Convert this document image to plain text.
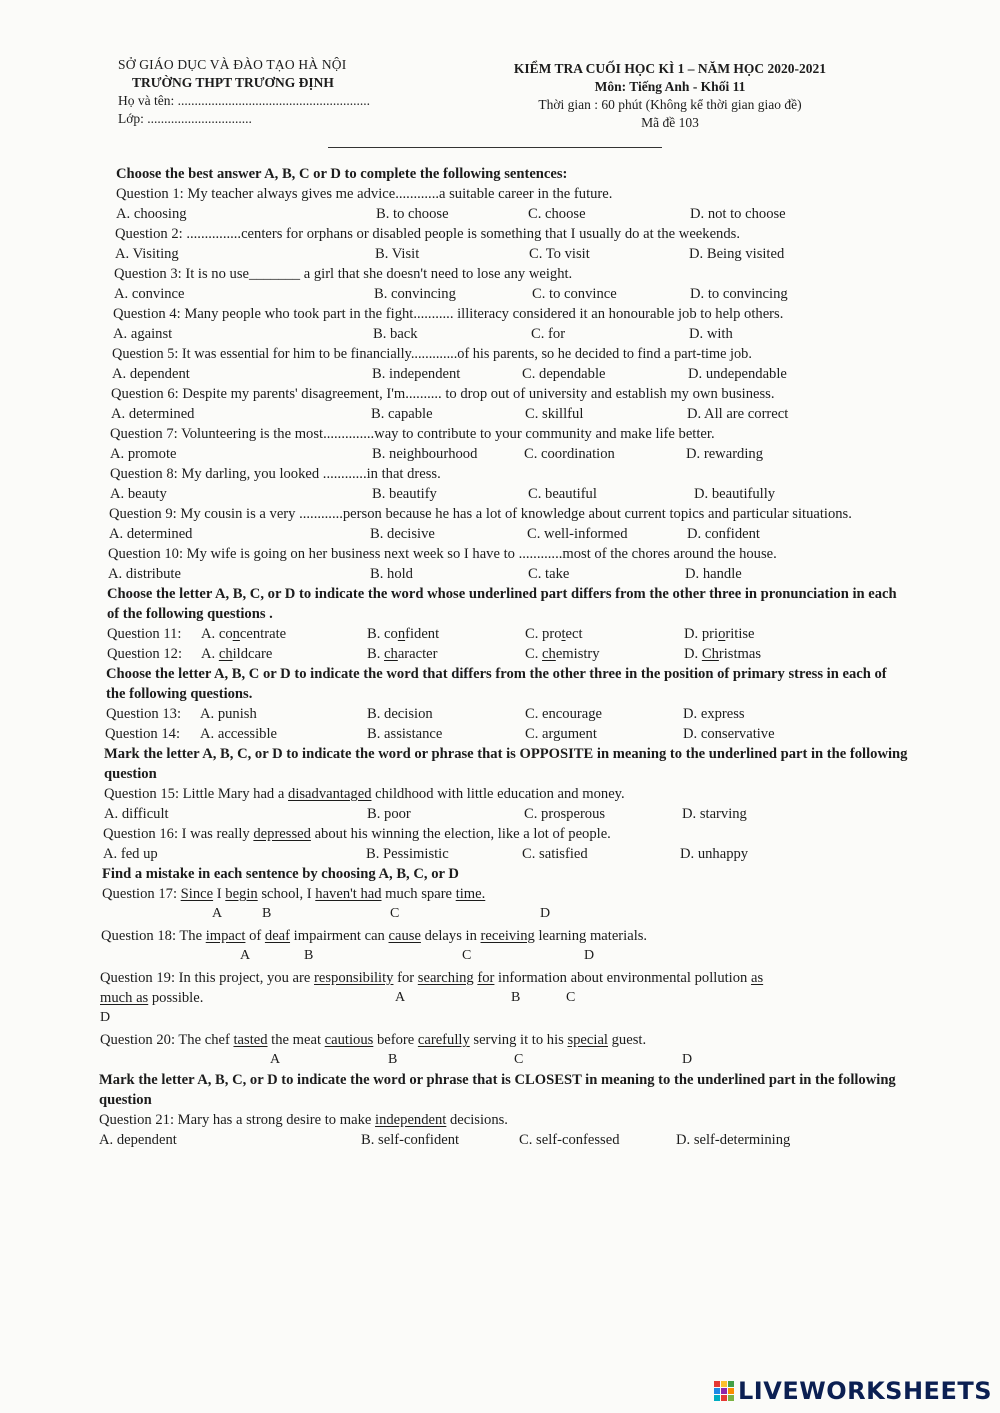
SỞ GIÁO DỤC VÀ ĐÀO TẠO HÀ NỘI
TRƯỜNG THPT TRƯƠNG ĐỊNH
Họ và tên: .........................................................
Lớp: ...............................
KIỂM TRA CUỐI HỌC KÌ 1 – NĂM HỌC 2020-2021
Môn: Tiếng Anh - Khối 11
Thời gian : 60 phút (Không kể thời gian giao đề)
Mã đề 103
Choose the best answer A, B, C or D to complete the following sentences:
Question 1: My teacher always gives me advice............a suitable career in the future.
A. choosing	B. to choose	C. choose	D. not to choose
Question 2: ...............centers for orphans or disabled people is something that I usually do at the weekends.
A. Visiting	B. Visit	C. To visit	D. Being visited
Question 3: It is no use_______ a girl that she doesn't need to lose any weight.
A. convince	B. convincing	C. to convince	D. to convincing
Question 4: Many people who took part in the fight........... illiteracy considered it an honourable job to help others.
A. against	B. back	C. for	D. with
Question 5: It was essential for him to be financially.............of his parents, so he decided to find a part-time job.
A. dependent	B. independent	C. dependable	D. undependable
Question 6: Despite my parents' disagreement, I'm.......... to drop out of university and establish my own business.
A. determined	B. capable	C. skillful	D. All are correct
Question 7: Volunteering is the most..............way to contribute to your community and make life better.
A. promote	B. neighbourhood	C. coordination	D. rewarding
Question 8: My darling, you looked ............in that dress.
A. beauty	B. beautify	C. beautiful	D. beautifully
Question 9: My cousin is a very ............person because he has a lot of knowledge about current topics and particular situations.
A. determined	B. decisive	C. well-informed	D. confident
Question 10: My wife is going on her business next week so I have to ............most of the chores around the house.
A. distribute	B. hold	C. take	D. handle
Choose the letter A, B, C, or D to indicate the word whose underlined part differs from the other three in pronunciation in each of the following questions .
Question 11: A. concentrate	B. confident	C. protect	D. prioritise
Question 12: A. childcare	B. character	C. chemistry	D. Christmas
Choose the letter A, B, C or D to indicate the word that differs from the other three in the position of primary stress in each of the following questions.
Question 13: A. punish	B. decision	C. encourage	D. express
Question 14: A. accessible	B. assistance	C. argument	D. conservative
Mark the letter A, B, C, or D to indicate the word or phrase that is OPPOSITE in meaning to the underlined part in the following question
Question 15: Little Mary had a disadvantaged childhood with little education and money.
A. difficult	B. poor	C. prosperous	D. starving
Question 16: I was really depressed about his winning the election, like a lot of people.
A. fed up	B. Pessimistic	C. satisfied	D. unhappy
Find a mistake in each sentence by choosing A, B, C, or D
Question 17: Since I begin school, I haven't had much spare time.
A	B	C	D
Question 18: The impact of deaf impairment can cause delays in receiving learning materials.
A	B	C	D
Question 19: In this project, you are responsibility for searching for information about environmental pollution as
much as possible.	A	B	C
D
Question 20: The chef tasted the meat cautious before carefully serving it to his special guest.
A	B	C	D
Mark the letter A, B, C, or D to indicate the word or phrase that is CLOSEST in meaning to the underlined part in the following question
Question 21: Mary has a strong desire to make independent decisions.
A. dependent	B. self-confident	C. self-confessed	D. self-determining
LIVEWORKSHEETS
